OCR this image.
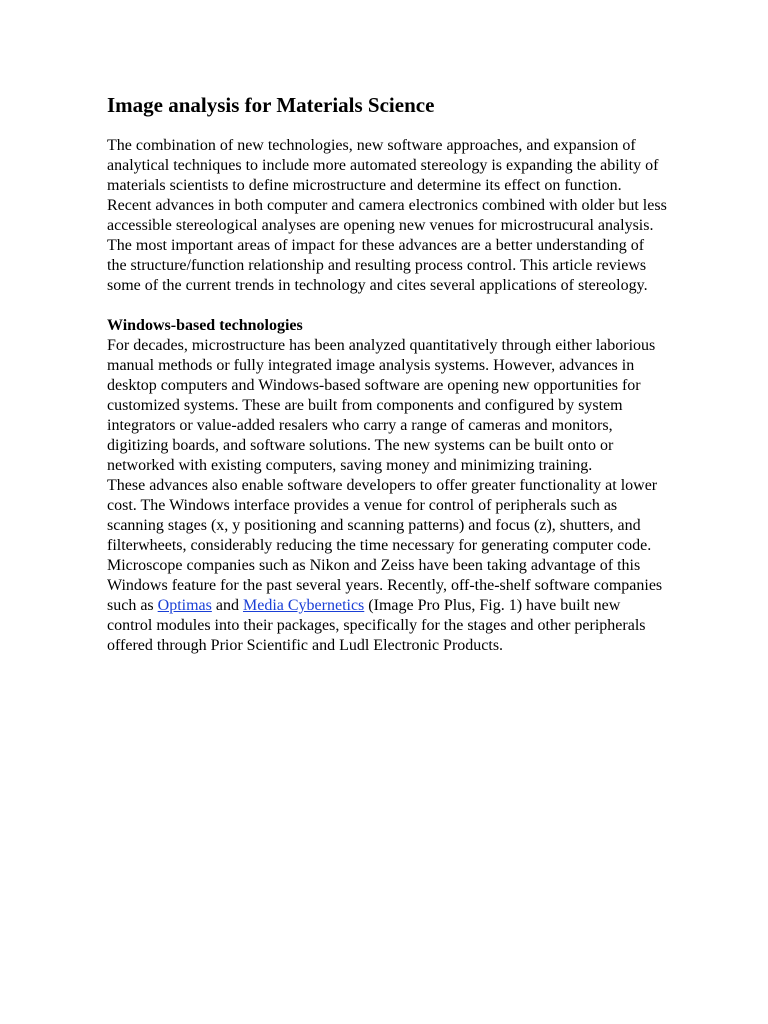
Image analysis for Materials Science

The combination of new technologies, new software approaches, and expansion of analytical techniques to include more automated stereology is expanding the ability of materials scientists to define microstructure and determine its effect on function.

Recent advances in both computer and camera electronics combined with older but less accessible stereological analyses are opening new venues for microstrucural analysis. The most important areas of impact for these advances are a better understanding of the structure/function relationship and resulting process control. This article reviews some of the current trends in technology and cites several applications of stereology.

Windows-based technologies

For decades, microstructure has been analyzed quantitatively through either laborious manual methods or fully integrated image analysis systems. However, advances in desktop computers and Windows-based software are opening new opportunities for customized systems. These are built from components and configured by system integrators or value-added resalers who carry a range of cameras and monitors, digitizing boards, and software solutions. The new systems can be built onto or networked with existing computers, saving money and minimizing training.

These advances also enable software developers to offer greater functionality at lower cost. The Windows interface provides a venue for control of peripherals such as scanning stages (x, y positioning and scanning patterns) and focus (z), shutters, and filterwheets, considerably reducing the time necessary for generating computer code. Microscope companies such as Nikon and Zeiss have been taking advantage of this Windows feature for the past several years. Recently, off-the-shelf software companies such as Optimas and Media Cybernetics (Image Pro Plus, Fig. 1) have built new control modules into their packages, specifically for the stages and other peripherals offered through Prior Scientific and Ludl Electronic Products.
